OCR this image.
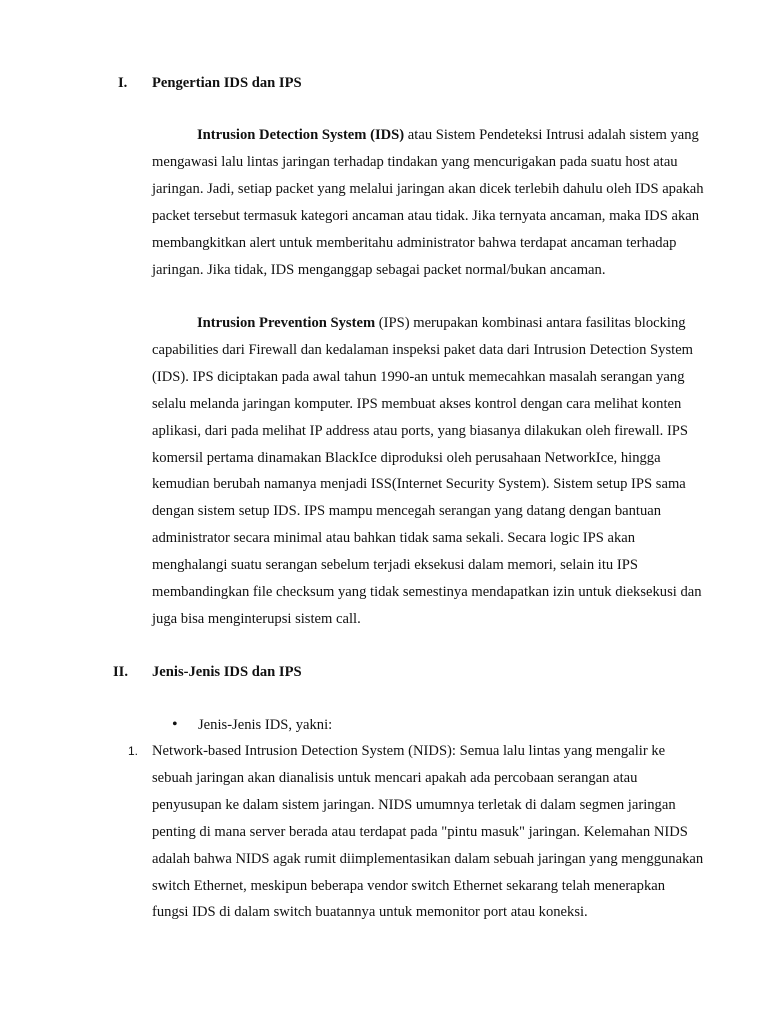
I. Pengertian IDS dan IPS

Intrusion Detection System (IDS) atau Sistem Pendeteksi Intrusi adalah sistem yang mengawasi lalu lintas jaringan terhadap tindakan yang mencurigakan pada suatu host atau jaringan. Jadi, setiap packet yang melalui jaringan akan dicek terlebih dahulu oleh IDS apakah packet tersebut termasuk kategori ancaman atau tidak. Jika ternyata ancaman, maka IDS akan membangkitkan alert untuk memberitahu administrator bahwa terdapat ancaman terhadap jaringan. Jika tidak, IDS menganggap sebagai packet normal/bukan ancaman.

Intrusion Prevention System (IPS) merupakan kombinasi antara fasilitas blocking capabilities dari Firewall dan kedalaman inspeksi paket data dari Intrusion Detection System (IDS). IPS diciptakan pada awal tahun 1990-an untuk memecahkan masalah serangan yang selalu melanda jaringan komputer. IPS membuat akses kontrol dengan cara melihat konten aplikasi, dari pada melihat IP address atau ports, yang biasanya dilakukan oleh firewall. IPS komersil pertama dinamakan BlackIce diproduksi oleh perusahaan NetworkIce, hingga kemudian berubah namanya menjadi ISS(Internet Security System). Sistem setup IPS sama dengan sistem setup IDS. IPS mampu mencegah serangan yang datang dengan bantuan administrator secara minimal atau bahkan tidak sama sekali. Secara logic IPS akan menghalangi suatu serangan sebelum terjadi eksekusi dalam memori, selain itu IPS membandingkan file checksum yang tidak semestinya mendapatkan izin untuk dieksekusi dan juga bisa menginterupsi sistem call.

II. Jenis-Jenis IDS dan IPS
• Jenis-Jenis IDS, yakni:
1. Network-based Intrusion Detection System (NIDS): Semua lalu lintas yang mengalir ke sebuah jaringan akan dianalisis untuk mencari apakah ada percobaan serangan atau penyusupan ke dalam sistem jaringan. NIDS umumnya terletak di dalam segmen jaringan penting di mana server berada atau terdapat pada "pintu masuk" jaringan. Kelemahan NIDS adalah bahwa NIDS agak rumit diimplementasikan dalam sebuah jaringan yang menggunakan switch Ethernet, meskipun beberapa vendor switch Ethernet sekarang telah menerapkan fungsi IDS di dalam switch buatannya untuk memonitor port atau koneksi.
